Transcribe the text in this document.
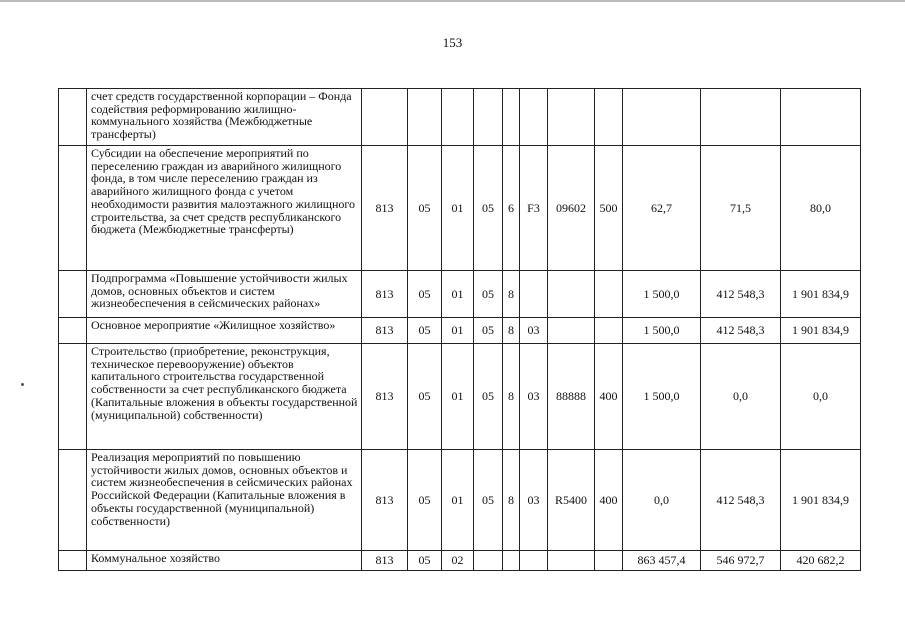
153
	счет средств государственной корпорации – Фонда содействия реформированию жилищно-коммунального хозяйства (Межбюджетные трансферты)											
	Субсидии на обеспечение мероприятий по переселению граждан из аварийного жилищного фонда, в том числе переселению граждан из аварийного жилищного фонда с учетом необходимости развития малоэтажного жилищного строительства, за счет средств республиканского бюджета (Межбюджетные трансферты)	813	05	01	05	6	F3	09602	500	62,7	71,5	80,0
	Подпрограмма «Повышение устойчивости жилых домов, основных объектов и систем жизнеобеспечения в сейсмических районах»	813	05	01	05	8				1 500,0	412 548,3	1 901 834,9
	Основное мероприятие «Жилищное хозяйство»	813	05	01	05	8	03			1 500,0	412 548,3	1 901 834,9
	Строительство (приобретение, реконструкция, техническое перевооружение) объектов капитального строительства государственной собственности за счет республиканского бюджета (Капитальные вложения в объекты государственной (муниципальной) собственности)	813	05	01	05	8	03	88888	400	1 500,0	0,0	0,0
	Реализация мероприятий по повышению устойчивости жилых домов, основных объектов и систем жизнеобеспечения в сейсмических районах Российской Федерации (Капитальные вложения в объекты государственной (муниципальной) собственности)	813	05	01	05	8	03	R5400	400	0,0	412 548,3	1 901 834,9
	Коммунальное хозяйство	813	05	02						863 457,4	546 972,7	420 682,2
